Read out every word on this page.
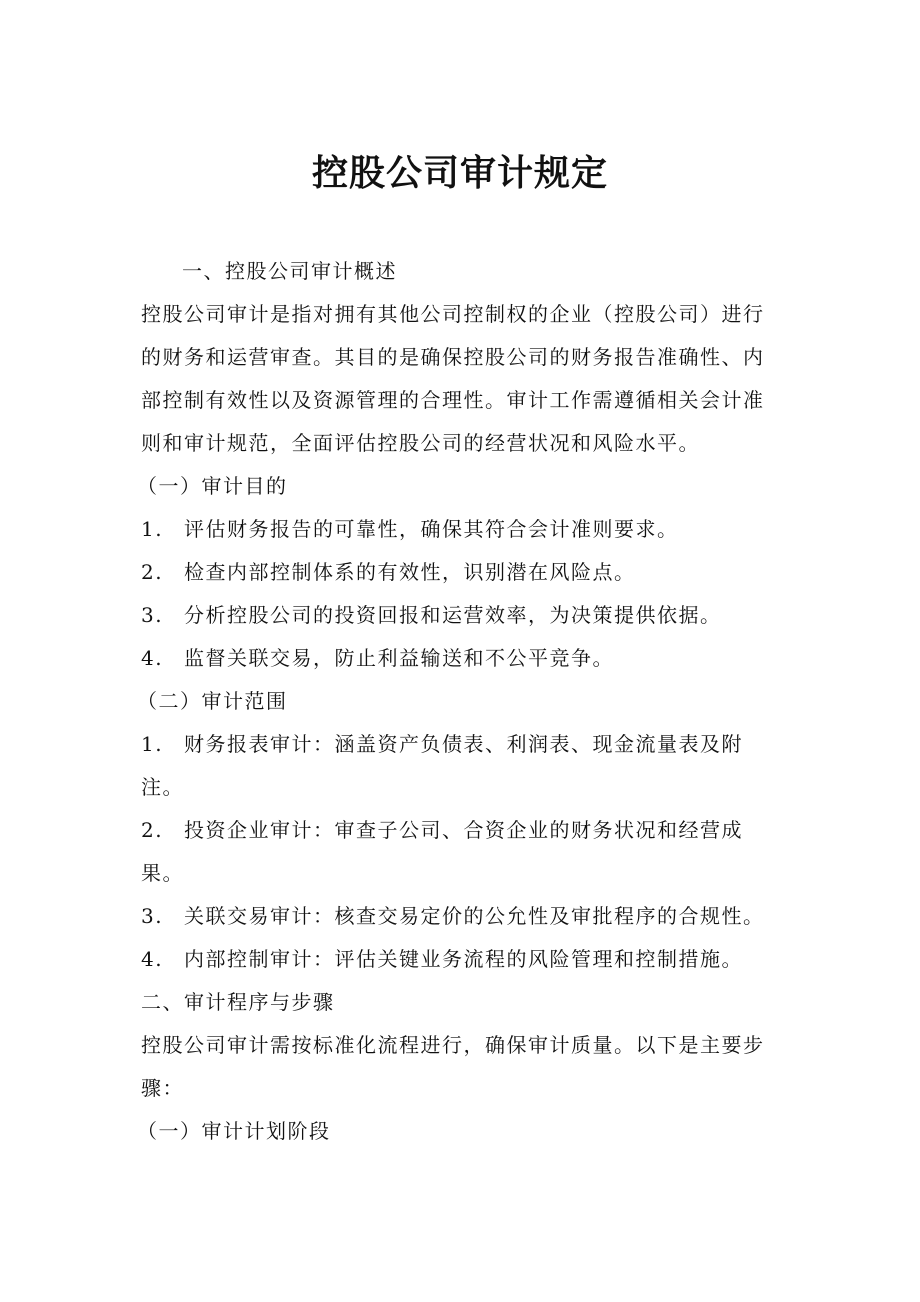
控股公司审计规定
一、控股公司审计概述
控股公司审计是指对拥有其他公司控制权的企业（控股公司）进行
的财务和运营审查。其目的是确保控股公司的财务报告准确性、内
部控制有效性以及资源管理的合理性。审计工作需遵循相关会计准
则和审计规范，全面评估控股公司的经营状况和风险水平。
（一）审计目的
1. 评估财务报告的可靠性，确保其符合会计准则要求。
2. 检查内部控制体系的有效性，识别潜在风险点。
3. 分析控股公司的投资回报和运营效率，为决策提供依据。
4. 监督关联交易，防止利益输送和不公平竞争。
（二）审计范围
1. 财务报表审计：涵盖资产负债表、利润表、现金流量表及附
注。
2. 投资企业审计：审查子公司、合资企业的财务状况和经营成
果。
3. 关联交易审计：核查交易定价的公允性及审批程序的合规性。
4. 内部控制审计：评估关键业务流程的风险管理和控制措施。
二、审计程序与步骤
控股公司审计需按标准化流程进行，确保审计质量。以下是主要步
骤：
（一）审计计划阶段
